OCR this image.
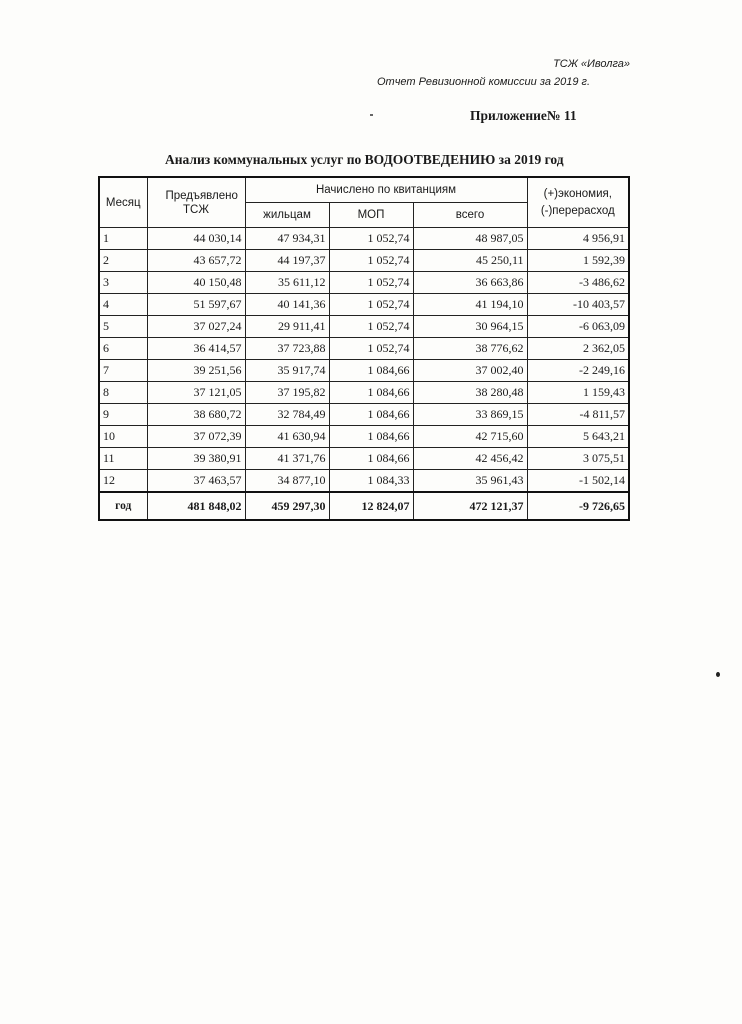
ТСЖ «Иволга»
Отчет Ревизионной комиссии за 2019 г.
Приложение№ 11
Анализ коммунальных услуг по ВОДООТВЕДЕНИЮ за 2019 год
Месяц	Предъявлено ТСЖ	Начислено по квитанциям			(+)экономия, (-)перерасход
		жильцам	МОП	всего	
1	44 030,14	47 934,31	1 052,74	48 987,05	4 956,91
2	43 657,72	44 197,37	1 052,74	45 250,11	1 592,39
3	40 150,48	35 611,12	1 052,74	36 663,86	-3 486,62
4	51 597,67	40 141,36	1 052,74	41 194,10	-10 403,57
5	37 027,24	29 911,41	1 052,74	30 964,15	-6 063,09
6	36 414,57	37 723,88	1 052,74	38 776,62	2 362,05
7	39 251,56	35 917,74	1 084,66	37 002,40	-2 249,16
8	37 121,05	37 195,82	1 084,66	38 280,48	1 159,43
9	38 680,72	32 784,49	1 084,66	33 869,15	-4 811,57
10	37 072,39	41 630,94	1 084,66	42 715,60	5 643,21
11	39 380,91	41 371,76	1 084,66	42 456,42	3 075,51
12	37 463,57	34 877,10	1 084,33	35 961,43	-1 502,14
год	481 848,02	459 297,30	12 824,07	472 121,37	-9 726,65
